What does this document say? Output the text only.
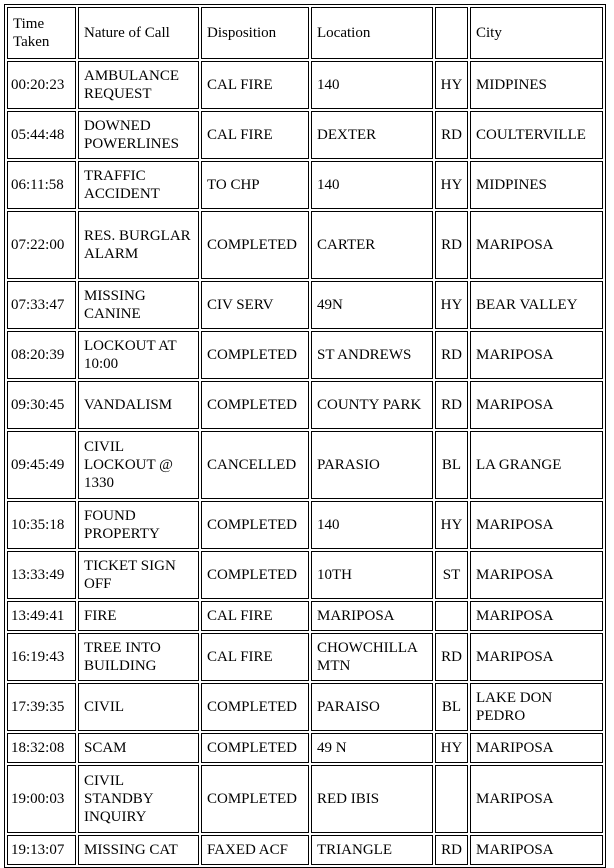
Time Taken	Nature of Call	Disposition	Location		City
00:20:23	AMBULANCE REQUEST	CAL FIRE	140	HY	MIDPINES
05:44:48	DOWNED POWERLINES	CAL FIRE	DEXTER	RD	COULTERVILLE
06:11:58	TRAFFIC ACCIDENT	TO CHP	140	HY	MIDPINES
07:22:00	RES. BURGLAR ALARM	COMPLETED	CARTER	RD	MARIPOSA
07:33:47	MISSING CANINE	CIV SERV	49N	HY	BEAR VALLEY
08:20:39	LOCKOUT AT 10:00	COMPLETED	ST ANDREWS	RD	MARIPOSA
09:30:45	VANDALISM	COMPLETED	COUNTY PARK	RD	MARIPOSA
09:45:49	CIVIL LOCKOUT @ 1330	CANCELLED	PARASIO	BL	LA GRANGE
10:35:18	FOUND PROPERTY	COMPLETED	140	HY	MARIPOSA
13:33:49	TICKET SIGN OFF	COMPLETED	10TH	ST	MARIPOSA
13:49:41	FIRE	CAL FIRE	MARIPOSA		MARIPOSA
16:19:43	TREE INTO BUILDING	CAL FIRE	CHOWCHILLA MTN	RD	MARIPOSA
17:39:35	CIVIL	COMPLETED	PARAISO	BL	LAKE DON PEDRO
18:32:08	SCAM	COMPLETED	49 N	HY	MARIPOSA
19:00:03	CIVIL STANDBY INQUIRY	COMPLETED	RED IBIS		MARIPOSA
19:13:07	MISSING CAT	FAXED ACF	TRIANGLE	RD	MARIPOSA
